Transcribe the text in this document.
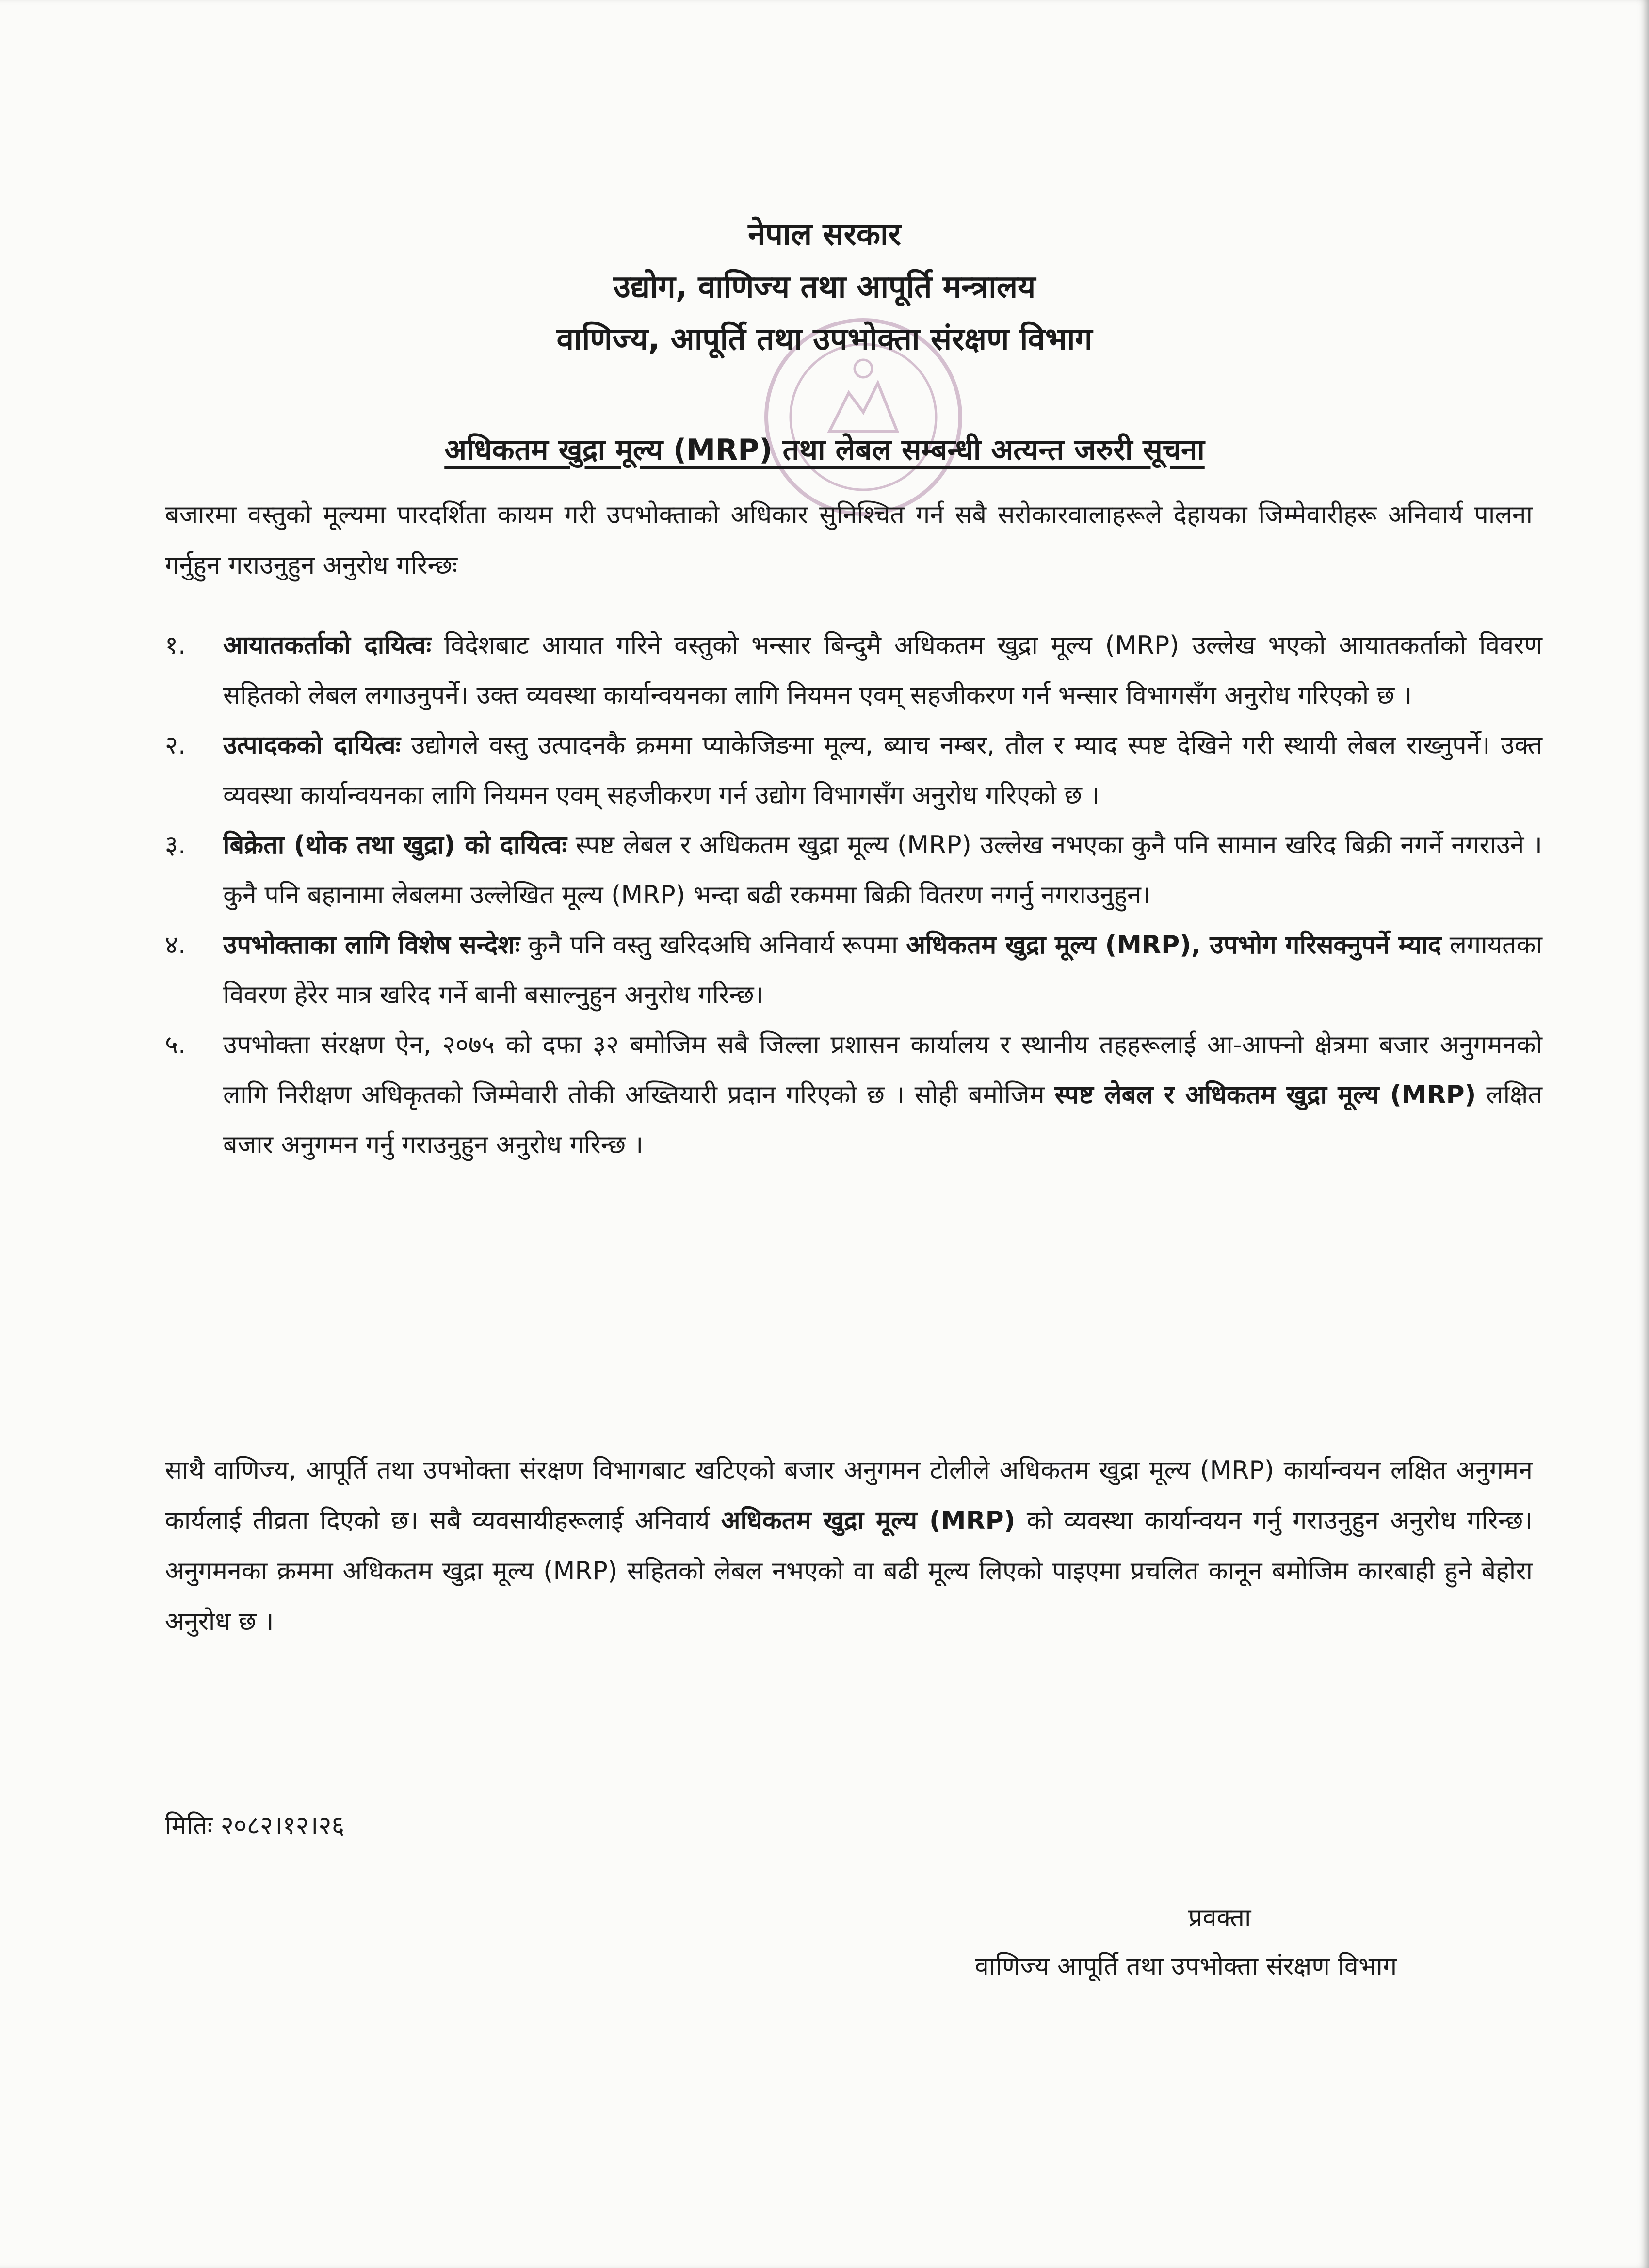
नेपाल सरकार
उद्योग, वाणिज्य तथा आपूर्ति मन्त्रालय
वाणिज्य, आपूर्ति तथा उपभोक्ता संरक्षण विभाग
अधिकतम खुद्रा मूल्य (MRP) तथा लेबल सम्बन्धी अत्यन्त जरुरी सूचना
बजारमा वस्तुको मूल्यमा पारदर्शिता कायम गरी उपभोक्ताको अधिकार सुनिश्चित गर्न सबै सरोकारवालाहरूले देहायका जिम्मेवारीहरू अनिवार्य पालना गर्नुहुन गराउनुहुन अनुरोध गरिन्छः
१. आयातकर्ताको दायित्वः विदेशबाट आयात गरिने वस्तुको भन्सार बिन्दुमै अधिकतम खुद्रा मूल्य (MRP) उल्लेख भएको आयातकर्ताको विवरण सहितको लेबल लगाउनुपर्ने। उक्त व्यवस्था कार्यान्वयनका लागि नियमन एवम् सहजीकरण गर्न भन्सार विभागसँग अनुरोध गरिएको छ ।
२. उत्पादकको दायित्वः उद्योगले वस्तु उत्पादनकै क्रममा प्याकेजिङमा मूल्य, ब्याच नम्बर, तौल र म्याद स्पष्ट देखिने गरी स्थायी लेबल राख्नुपर्ने। उक्त व्यवस्था कार्यान्वयनका लागि नियमन एवम् सहजीकरण गर्न उद्योग विभागसँग अनुरोध गरिएको छ ।
३. बिक्रेता (थोक तथा खुद्रा) को दायित्वः स्पष्ट लेबल र अधिकतम खुद्रा मूल्य (MRP) उल्लेख नभएका कुनै पनि सामान खरिद बिक्री नगर्ने नगराउने । कुनै पनि बहानामा लेबलमा उल्लेखित मूल्य (MRP) भन्दा बढी रकममा बिक्री वितरण नगर्नु नगराउनुहुन।
४. उपभोक्ताका लागि विशेष सन्देशः कुनै पनि वस्तु खरिदअघि अनिवार्य रूपमा अधिकतम खुद्रा मूल्य (MRP), उपभोग गरिसक्नुपर्ने म्याद लगायतका विवरण हेरेर मात्र खरिद गर्ने बानी बसाल्नुहुन अनुरोध गरिन्छ।
५. उपभोक्ता संरक्षण ऐन, २०७५ को दफा ३२ बमोजिम सबै जिल्ला प्रशासन कार्यालय र स्थानीय तहहरूलाई आ-आफ्नो क्षेत्रमा बजार अनुगमनको लागि निरीक्षण अधिकृतको जिम्मेवारी तोकी अख्तियारी प्रदान गरिएको छ । सोही बमोजिम स्पष्ट लेबल र अधिकतम खुद्रा मूल्य (MRP) लक्षित बजार अनुगमन गर्नु गराउनुहुन अनुरोध गरिन्छ ।
साथै वाणिज्य, आपूर्ति तथा उपभोक्ता संरक्षण विभागबाट खटिएको बजार अनुगमन टोलीले अधिकतम खुद्रा मूल्य (MRP) कार्यान्वयन लक्षित अनुगमन कार्यलाई तीव्रता दिएको छ। सबै व्यवसायीहरूलाई अनिवार्य अधिकतम खुद्रा मूल्य (MRP) को व्यवस्था कार्यान्वयन गर्नु गराउनुहुन अनुरोध गरिन्छ। अनुगमनका क्रममा अधिकतम खुद्रा मूल्य (MRP) सहितको लेबल नभएको वा बढी मूल्य लिएको पाइएमा प्रचलित कानून बमोजिम कारबाही हुने बेहोरा अनुरोध छ ।
मितिः २०८२।१२।२६
प्रवक्ता
वाणिज्य आपूर्ति तथा उपभोक्ता संरक्षण विभाग
